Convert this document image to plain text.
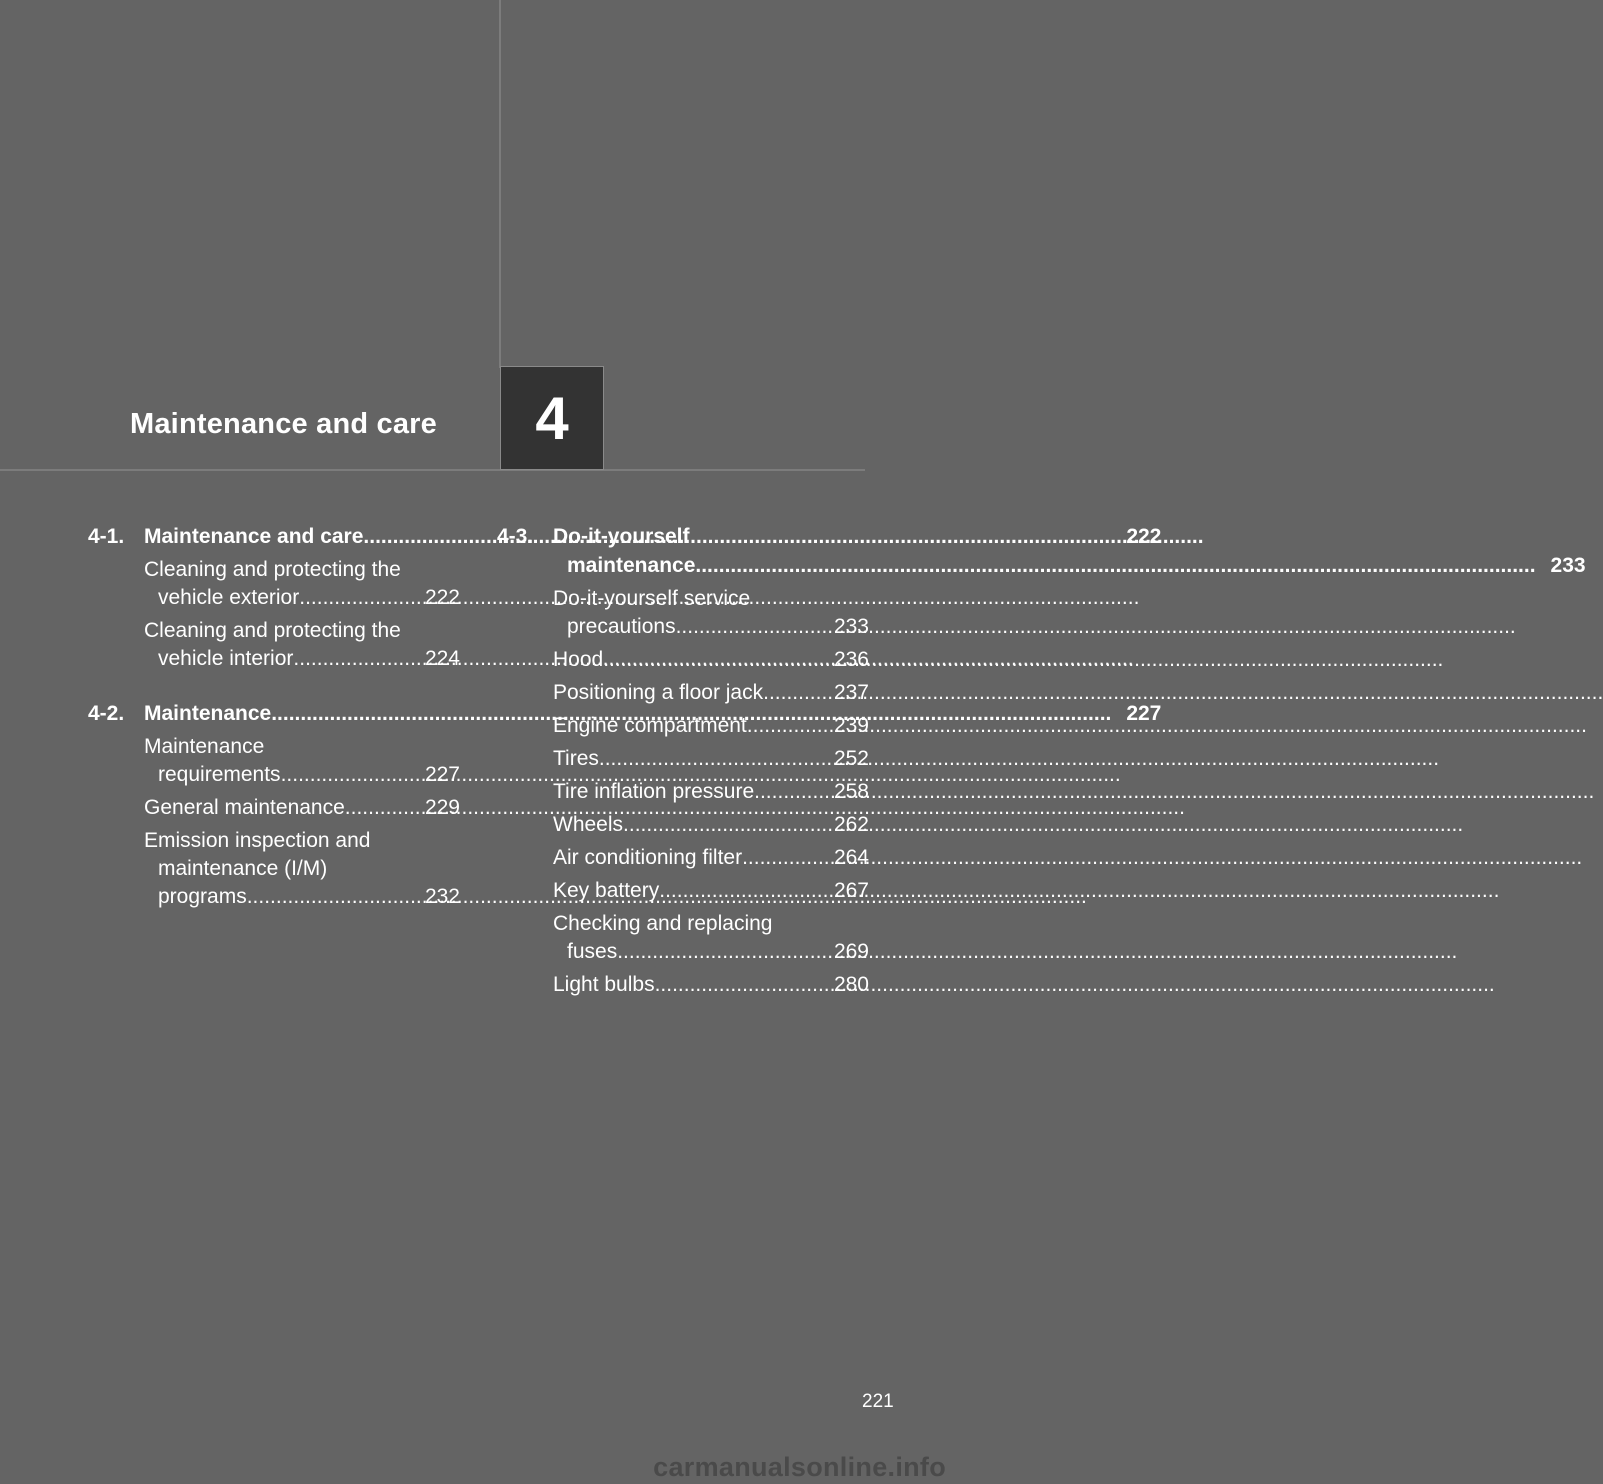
Maintenance and care	4
4-1. Maintenance and care .....	222
Cleaning and protecting the
vehicle exterior .....	222
Cleaning and protecting the
vehicle interior .....	224
4-2. Maintenance .....	227
Maintenance
requirements .....	227
General maintenance .....	229
Emission inspection and
maintenance (I/M)
programs .....	232
4-3. Do-it-yourself
maintenance .....	233
Do-it-yourself service
precautions .....	233
Hood .....	236
Positioning a floor jack .....	237
Engine compartment .....	239
Tires .....	252
Tire inflation pressure .....	258
Wheels .....	262
Air conditioning filter .....	264
Key battery .....	267
Checking and replacing
fuses .....	269
Light bulbs .....	280
221
carmanualsonline.info
